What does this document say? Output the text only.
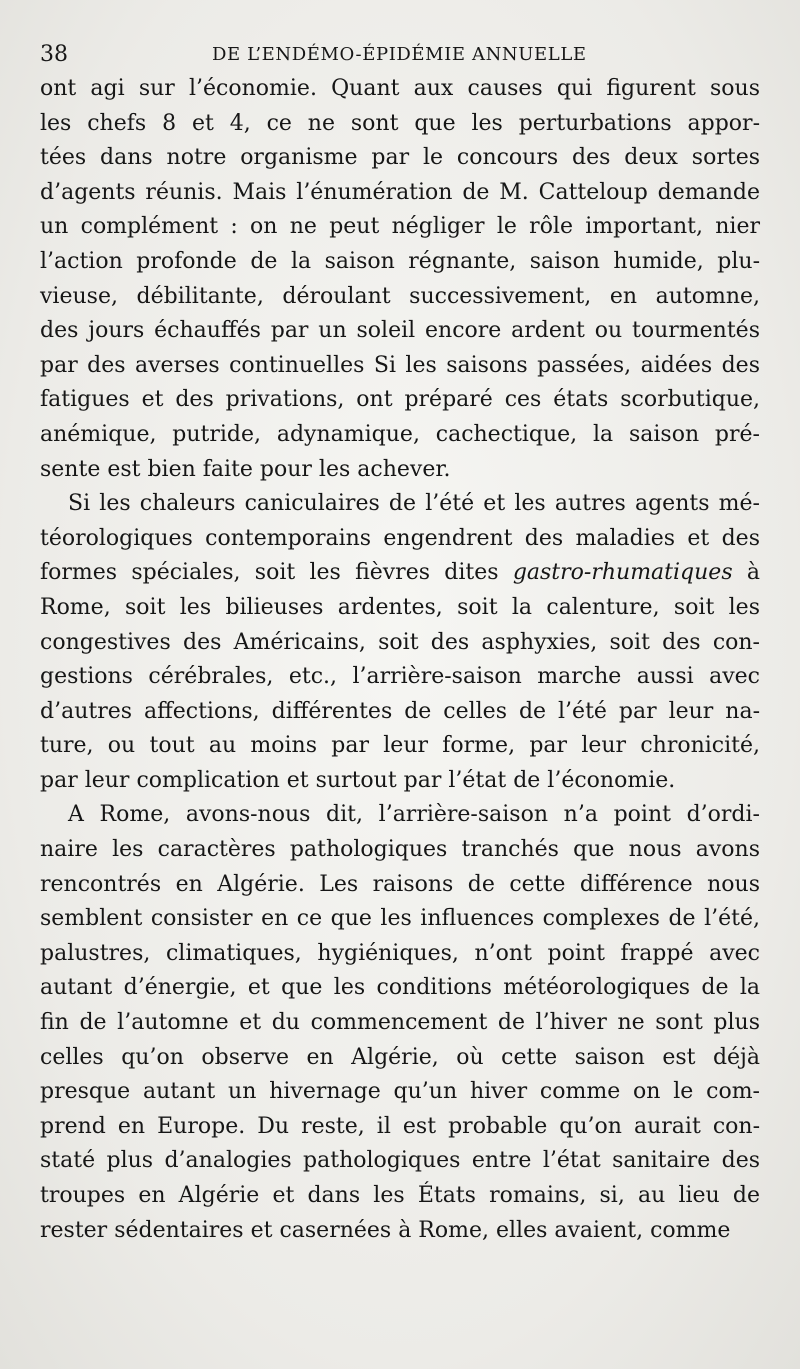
38	DE L’ENDÉMO-ÉPIDÉMIE ANNUELLE
ont agi sur l’économie. Quant aux causes qui figurent sous
les chefs 8 et 4, ce ne sont que les perturbations appor-
tées dans notre organisme par le concours des deux sortes
d’agents réunis. Mais l’énumération de M. Catteloup demande
un complément : on ne peut négliger le rôle important, nier
l’action profonde de la saison régnante, saison humide, plu-
vieuse, débilitante, déroulant successivement, en automne,
des jours échauffés par un soleil encore ardent ou tourmentés
par des averses continuelles Si les saisons passées, aidées des
fatigues et des privations, ont préparé ces états scorbutique,
anémique, putride, adynamique, cachectique, la saison pré-
sente est bien faite pour les achever.
Si les chaleurs caniculaires de l’été et les autres agents mé-
téorologiques contemporains engendrent des maladies et des
formes spéciales, soit les fièvres dites gastro-rhumatiques à
Rome, soit les bilieuses ardentes, soit la calenture, soit les
congestives des Américains, soit des asphyxies, soit des con-
gestions cérébrales, etc., l’arrière-saison marche aussi avec
d’autres affections, différentes de celles de l’été par leur na-
ture, ou tout au moins par leur forme, par leur chronicité,
par leur complication et surtout par l’état de l’économie.
A Rome, avons-nous dit, l’arrière-saison n’a point d’ordi-
naire les caractères pathologiques tranchés que nous avons
rencontrés en Algérie. Les raisons de cette différence nous
semblent consister en ce que les influences complexes de l’été,
palustres, climatiques, hygiéniques, n’ont point frappé avec
autant d’énergie, et que les conditions météorologiques de la
fin de l’automne et du commencement de l’hiver ne sont plus
celles qu’on observe en Algérie, où cette saison est déjà
presque autant un hivernage qu’un hiver comme on le com-
prend en Europe. Du reste, il est probable qu’on aurait con-
staté plus d’analogies pathologiques entre l’état sanitaire des
troupes en Algérie et dans les États romains, si, au lieu de
rester sédentaires et casernées à Rome, elles avaient, comme
